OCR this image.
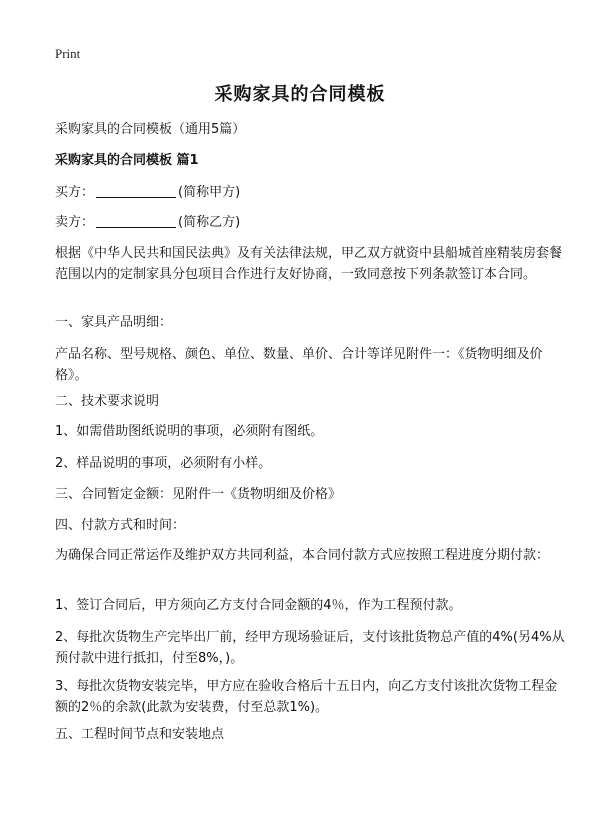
Print
采购家具的合同模板
采购家具的合同模板（通用5篇）
采购家具的合同模板 篇1
买方：	(简称甲方)
卖方：	(简称乙方)
根据《中华人民共和国民法典》及有关法律法规，甲乙双方就资中县船城首座精装房套餐范围以内的定制家具分包项目合作进行友好协商，一致同意按下列条款签订本合同。
一、家具产品明细：
产品名称、型号规格、颜色、单位、数量、单价、合计等详见附件一：《货物明细及价格》。
二、技术要求说明
1、如需借助图纸说明的事项，必须附有图纸。
2、样品说明的事项，必须附有小样。
三、合同暂定金额：见附件一《货物明细及价格》
四、付款方式和时间：
为确保合同正常运作及维护双方共同利益，本合同付款方式应按照工程进度分期付款：
1、签订合同后，甲方须向乙方支付合同金额的4％，作为工程预付款。
2、每批次货物生产完毕出厂前，经甲方现场验证后，支付该批货物总产值的4%(另4%从预付款中进行抵扣，付至8%，)。
3、每批次货物安装完毕，甲方应在验收合格后十五日内，向乙方支付该批次货物工程金额的2％的余款(此款为安装费，付至总款1%)。
五、工程时间节点和安装地点
